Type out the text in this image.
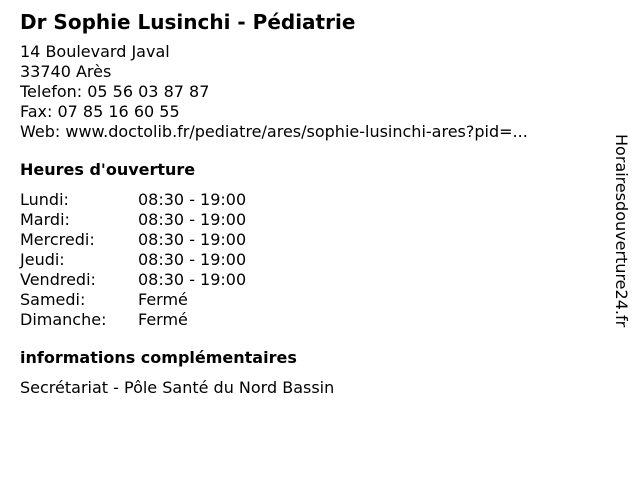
Dr Sophie Lusinchi - Pédiatrie
14 Boulevard Javal
33740 Arès
Telefon: 05 56 03 87 87
Fax: 07 85 16 60 55
Web: www.doctolib.fr/pediatre/ares/sophie-lusinchi-ares?pid=...
Heures d'ouverture
Lundi:	08:30 - 19:00
Mardi:	08:30 - 19:00
Mercredi:	08:30 - 19:00
Jeudi:	08:30 - 19:00
Vendredi:	08:30 - 19:00
Samedi:	Fermé
Dimanche:	Fermé
informations complémentaires
Secrétariat - Pôle Santé du Nord Bassin
Horairesdouverture24.fr
